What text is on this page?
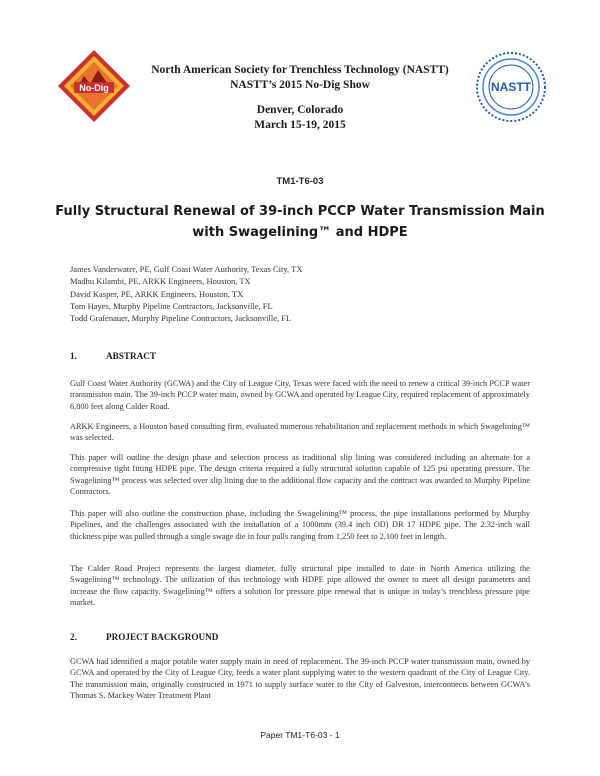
No-Dig
North American Society for Trenchless Technology (NASTT)
NASTT’s 2015 No-Dig Show
Denver, Colorado
March 15-19, 2015
NASTT
TM1-T6-03
Fully Structural Renewal of 39-inch PCCP Water Transmission Main
with Swagelining™ and HDPE
James Vanderwater, PE, Gulf Coast Water Authority, Texas City, TX
Madhu Kilambi, PE, ARKK Engineers, Houston, TX
David Kasper, PE, ARKK Engineers, Houston, TX
Tom Hayes, Murphy Pipeline Contractors, Jacksonville, FL
Todd Grafenauer, Murphy Pipeline Contractors, Jacksonville, FL
1.	ABSTRACT
Gulf Coast Water Authority (GCWA) and the City of League City, Texas were faced with the need to renew a critical 39-inch PCCP water transmission main. The 39-inch PCCP water main, owned by GCWA and operated by League City, required replacement of approximately 6,800 feet along Calder Road.
ARKK Engineers, a Houston based consulting firm, evaluated numerous rehabilitation and replacement methods in which Swagelining™ was selected.
This paper will outline the design phase and selection process as traditional slip lining was considered including an alternate for a compressive tight fitting HDPE pipe. The design criteria required a fully structural solution capable of 125 psi operating pressure. The Swagelining™ process was selected over slip lining due to the additional flow capacity and the contract was awarded to Murphy Pipeline Contractors.
This paper will also outline the construction phase, including the Swagelining™ process, the pipe installations performed by Murphy Pipelines, and the challenges associated with the installation of a 1000mm (39.4 inch OD) DR 17 HDPE pipe. The 2.32-inch wall thickness pipe was pulled through a single swage die in four pulls ranging from 1,250 feet to 2,100 feet in length.
The Calder Road Project represents the largest diameter, fully structural pipe installed to date in North America utilizing the Swagelining™ technology. The utilization of this technology with HDPE pipe allowed the owner to meet all design parameters and increase the flow capacity. Swagelining™ offers a solution for pressure pipe renewal that is unique in today’s trenchless pressure pipe market.
2.	PROJECT BACKGROUND
GCWA had identified a major potable water supply main in need of replacement. The 39-inch PCCP water transmission main, owned by GCWA and operated by the City of League City, feeds a water plant supplying water to the western quadrant of the City of League City. The transmission main, originally constructed in 1971 to supply surface water to the City of Galveston, interconnects between GCWA’s Thomas S. Mackey Water Treatment Plant
Paper TM1-T6-03 - 1
